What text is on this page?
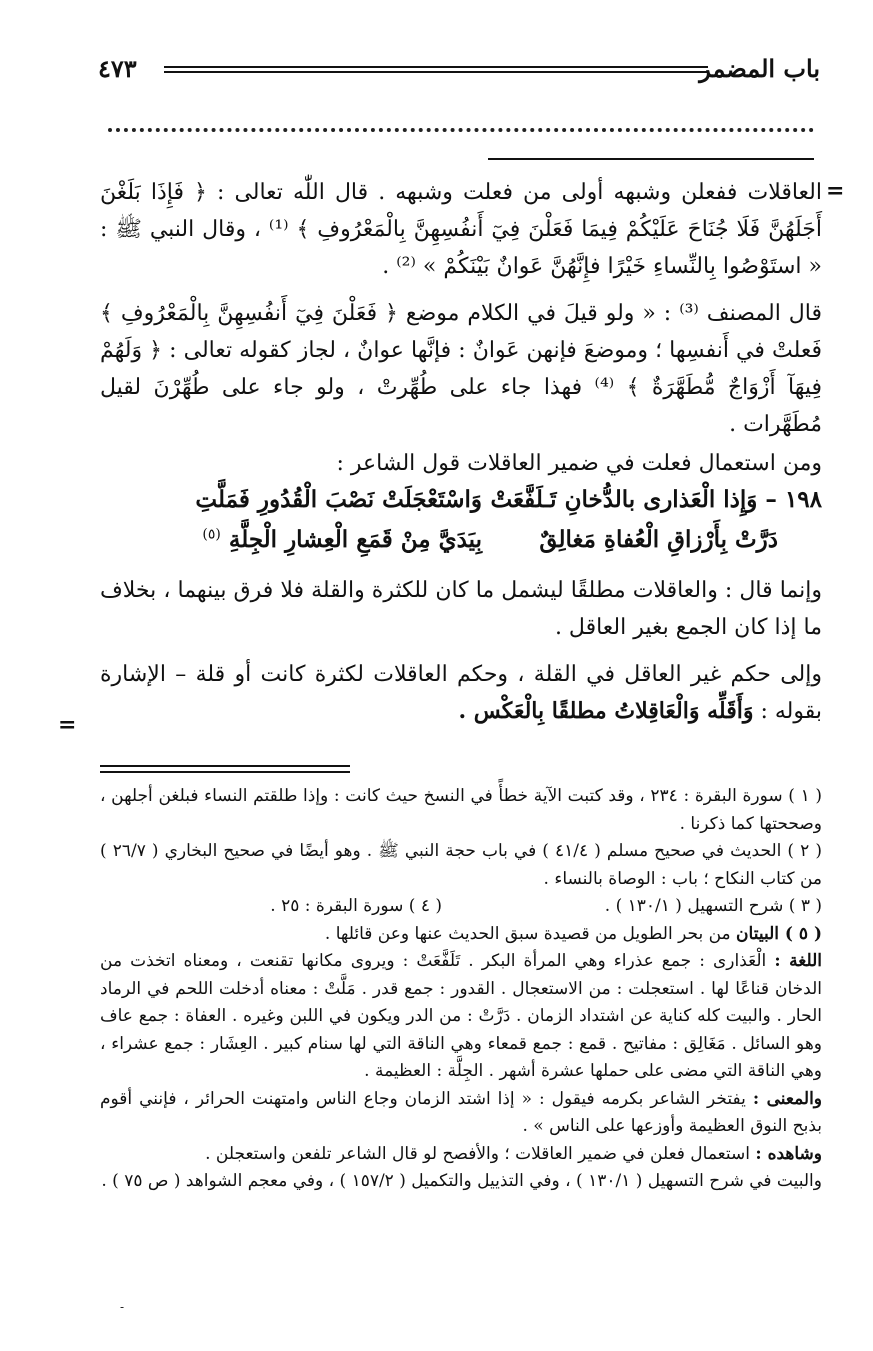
باب المضمر
٤٧٣
=
=

العاقلات ففعلن وشبهه أولى من فعلت وشبهه . قال اللّٰه تعالى : ﴿ فَإِذَا بَلَغْنَ أَجَلَهُنَّ فَلَا جُنَاحَ عَلَيْكُمْ فِيمَا فَعَلْنَ فِيٓ أَنفُسِهِنَّ بِالْمَعْرُوفِ ﴾ ⁽¹⁾ ، وقال النبي ﷺ : « استَوْصُوا بِالنِّساءِ خَيْرًا فإِنَّهُنَّ عَوانٌ بَيْنَكُمْ » ⁽²⁾ .

قال المصنف ⁽³⁾ : « ولو قيلَ في الكلام موضع ﴿ فَعَلْنَ فِيٓ أَنفُسِهِنَّ بِالْمَعْرُوفِ ﴾ فَعلتْ في أَنفسِها ؛ وموضعَ فإنهن عَوانٌ : فإنَّها عوانٌ ، لجاز كقوله تعالى : ﴿ وَلَهُمْ فِيهَآ أَزْوَاجٌ مُّطَهَّرَةٌ ﴾ ⁽⁴⁾ فهذا جاء على طُهِّرتْ ، ولو جاء على طُهِّرْنَ لقيل مُطَهَّرات .

ومن استعمال فعلت في ضمير العاقلات قول الشاعر :

١٩٨ – وَإِذا الْعَذارى بالدُّخانِ تَـلَفَّعَتْ
وَاسْتَعْجَلَتْ نَصْبَ الْقُدُورِ فَمَلَّتِ
دَرَّتْ بِأَرْزاقِ الْعُفاةِ مَغالِقٌ
بِيَدَيَّ مِنْ قَمَعِ الْعِشارِ الْجِلَّةِ $^{(٥)}$

وإنما قال : والعاقلات مطلقًا ليشمل ما كان للكثرة والقلة فلا فرق بينهما ، بخلاف ما إذا كان الجمع بغير العاقل .

وإلى حكم غير العاقل في القلة ، وحكم العاقلات لكثرة كانت أو قلة – الإشارة بقوله : وَأَقَلِّه وَالْعَاقِلاتُ مطلقًا بِالْعَكْس .

( ١ ) سورة البقرة : ٢٣٤ ، وقد كتبت الآية خطأً في النسخ حيث كانت : وإذا طلقتم النساء فبلغن أجلهن ، وصححتها كما ذكرنا .

( ٢ ) الحديث في صحيح مسلم ( ٤١/٤ ) في باب حجة النبي ﷺ . وهو أيضًا في صحيح البخاري ( ٢٦/٧ ) من كتاب النكاح ؛ باب : الوصاة بالنساء .

( ٣ ) شرح التسهيل ( ١٣٠/١ ) .
( ٤ ) سورة البقرة : ٢٥ .

( ٥ ) البيتان من بحر الطويل من قصيدة سبق الحديث عنها وعن قائلها .

اللغة : الْعَذارى : جمع عذراء وهي المرأة البكر . تَلَفَّعَتْ : ويروى مكانها تقنعت ، ومعناه اتخذت من الدخان قناعًا لها . استعجلت : من الاستعجال . القدور : جمع قدر . مَلَّتْ : معناه أدخلت اللحم في الرماد الحار . والبيت كله كناية عن اشتداد الزمان . دَرَّتْ : من الدر ويكون في اللبن وغيره . العفاة : جمع عاف وهو السائل . مَغَالِق : مفاتيح . قمع : جمع قمعاء وهي الناقة التي لها سنام كبير . العِشَار : جمع عشراء ، وهي الناقة التي مضى على حملها عشرة أشهر . الجِلَّة : العظيمة .

والمعنى : يفتخر الشاعر بكرمه فيقول : « إذا اشتد الزمان وجاع الناس وامتهنت الحرائر ، فإنني أقوم بذبح النوق العظيمة وأوزعها على الناس » .

وشاهده : استعمال فعلن في ضمير العاقلات ؛ والأفصح لو قال الشاعر تلفعن واستعجلن .

والبيت في شرح التسهيل ( ١٣٠/١ ) ، وفي التذييل والتكميل ( ١٥٧/٢ ) ، وفي معجم الشواهد ( ص ٧٥ ) .

-
